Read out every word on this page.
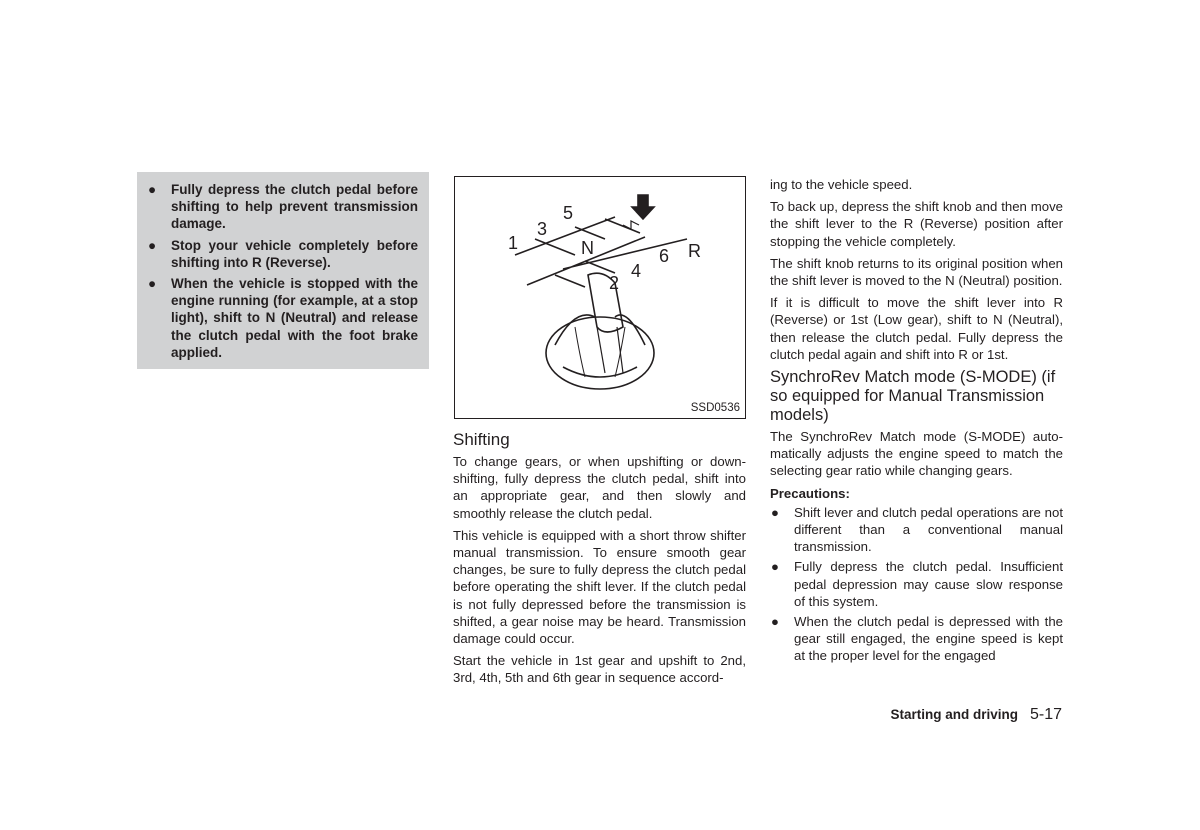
● Fully depress the clutch pedal before shifting to help prevent transmission damage.
● Stop your vehicle completely before shifting into R (Reverse).
● When the vehicle is stopped with the engine running (for example, at a stop light), shift to N (Neutral) and release the clutch pedal with the foot brake applied.
1
3
5
N
2
4
6 R
SSD0536
Shifting

To change gears, or when upshifting or downshifting, fully depress the clutch pedal, shift into an appropriate gear, and then slowly and smoothly release the clutch pedal.

This vehicle is equipped with a short throw shifter manual transmission. To ensure smooth gear changes, be sure to fully depress the clutch pedal before operating the shift lever. If the clutch pedal is not fully depressed before the transmission is shifted, a gear noise may be heard. Transmission damage could occur.

Start the vehicle in 1st gear and upshift to 2nd, 3rd, 4th, 5th and 6th gear in sequence accord-

ing to the vehicle speed.

To back up, depress the shift knob and then move the shift lever to the R (Reverse) position after stopping the vehicle completely.

The shift knob returns to its original position when the shift lever is moved to the N (Neutral) position.

If it is difficult to move the shift lever into R (Reverse) or 1st (Low gear), shift to N (Neutral), then release the clutch pedal. Fully depress the clutch pedal again and shift into R or 1st.

SynchroRev Match mode (S-MODE) (if so equipped for Manual Transmission models)

The SynchroRev Match mode (S-MODE) automatically adjusts the engine speed to match the selecting gear ratio while changing gears.

Precautions:
● Shift lever and clutch pedal operations are not different than a conventional manual transmission.
● Fully depress the clutch pedal. Insufficient pedal depression may cause slow response of this system.
● When the clutch pedal is depressed with the gear still engaged, the engine speed is kept at the proper level for the engaged
Starting and driving 5-17
